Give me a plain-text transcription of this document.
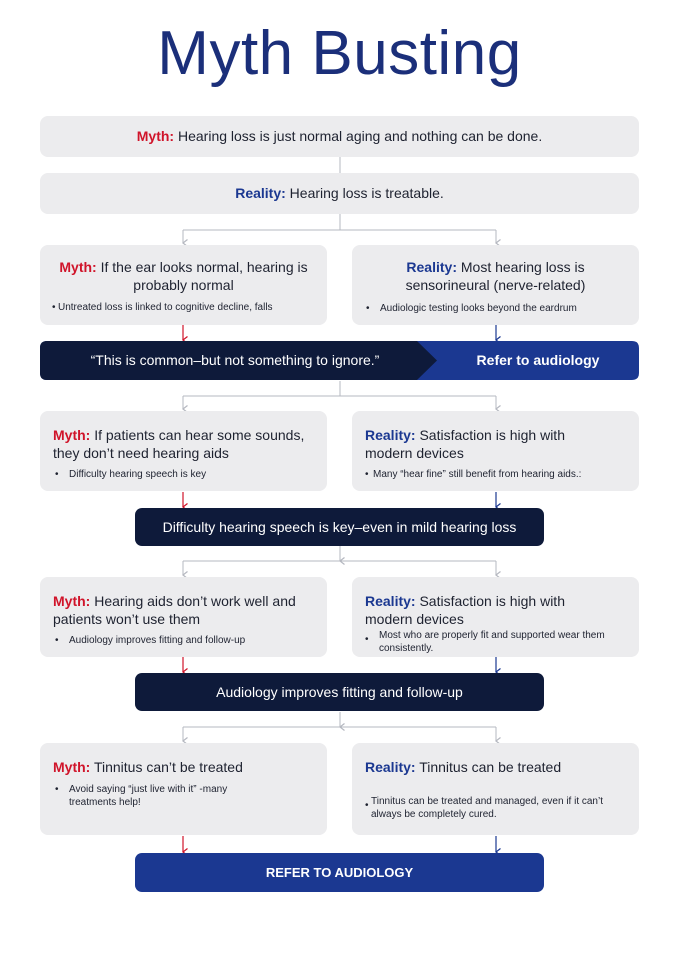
Myth Busting
Myth: Hearing loss is just normal aging and nothing can be done.
Reality: Hearing loss is treatable.
Myth: If the ear looks normal, hearing is probably normal
• Untreated loss is linked to cognitive decline, falls
Reality: Most hearing loss is sensorineural (nerve-related)
• Audiologic testing looks beyond the eardrum
“This is common–but not something to ignore.”	Refer to audiology
Myth: If patients can hear some sounds, they don’t need hearing aids
• Difficulty hearing speech is key
Reality: Satisfaction is high with modern devices
• Many “hear fine” still benefit from hearing aids.:
Difficulty hearing speech is key–even in mild hearing loss
Myth: Hearing aids don’t work well and patients won’t use them
• Audiology improves fitting and follow-up
Reality: Satisfaction is high with modern devices
• Most who are properly fit and supported wear them consistently.
Audiology improves fitting and follow-up
Myth: Tinnitus can’t be treated
• Avoid saying “just live with it” -many treatments help!
Reality: Tinnitus can be treated
• Tinnitus can be treated and managed, even if it can’t always be completely cured.
REFER TO AUDIOLOGY
